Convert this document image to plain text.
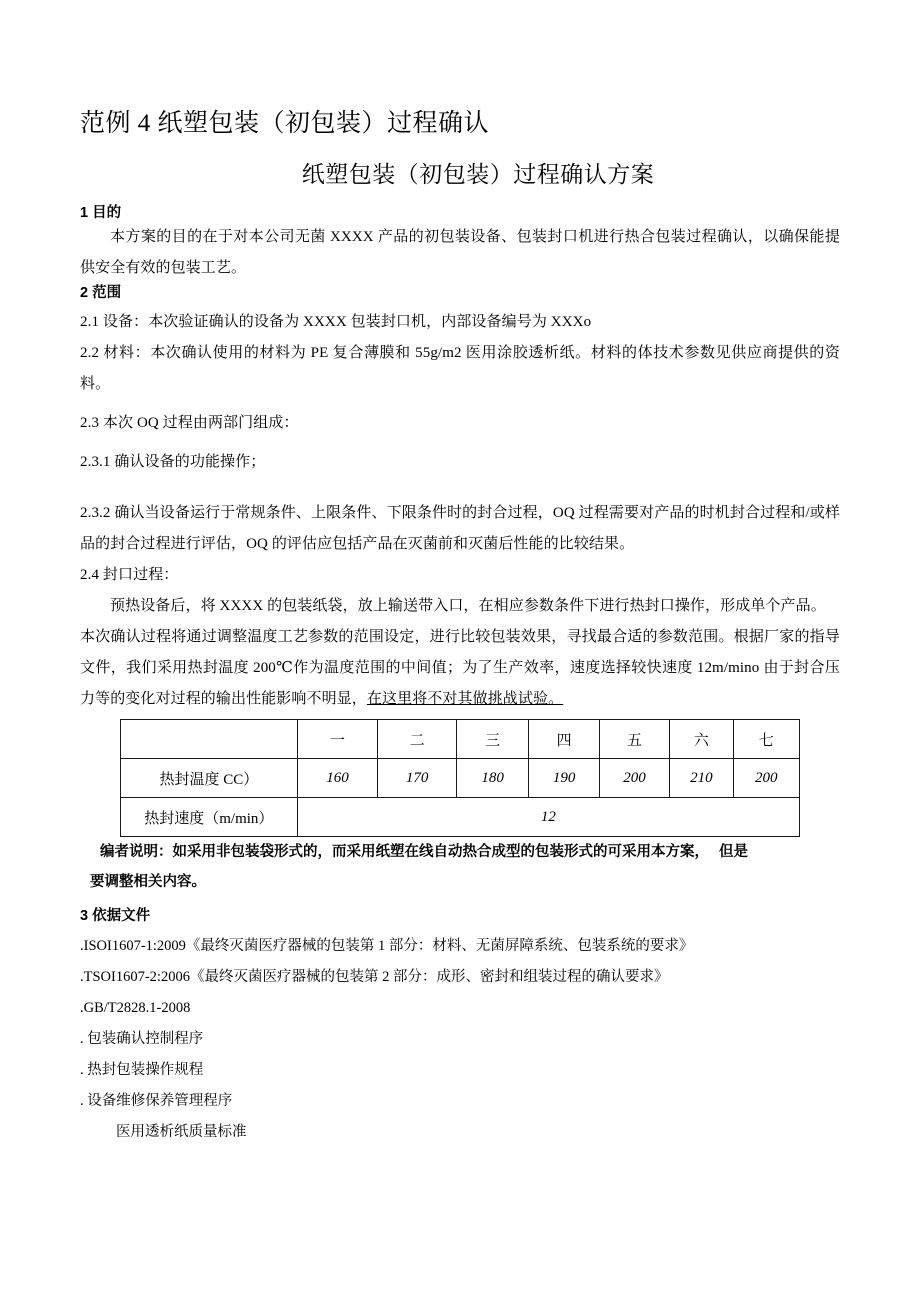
范例 4 纸塑包装（初包装）过程确认
纸塑包装（初包装）过程确认方案
1 目的

本方案的目的在于对本公司无菌 XXXX 产品的初包装设备、包装封口机进行热合包装过程确认，以确保能提供安全有效的包装工艺。

2 范围

2.1 设备：本次验证确认的设备为 XXXX 包装封口机，内部设备编号为 XXXo

2.2 材料：本次确认使用的材料为 PE 复合薄膜和 55g/m2 医用涂胶透析纸。材料的体技术参数见供应商提供的资料。

2.3 本次 OQ 过程由两部门组成：

2.3.1 确认设备的功能操作；

2.3.2 确认当设备运行于常规条件、上限条件、下限条件时的封合过程，OQ 过程需要对产品的时机封合过程和/或样品的封合过程进行评估，OQ 的评估应包括产品在灭菌前和灭菌后性能的比较结果。

2.4 封口过程：

预热设备后，将 XXXX 的包装纸袋，放上输送带入口，在相应参数条件下进行热封口操作，形成单个产品。

本次确认过程将通过调整温度工艺参数的范围设定，进行比较包装效果，寻找最合适的参数范围。根据厂家的指导文件，我们采用热封温度 200℃作为温度范围的中间值；为了生产效率，速度选择较快速度 12m/mino 由于封合压力等的变化对过程的输出性能影响不明显，在这里将不对其做挑战试验。

	一	二	三	四	五	六	七
热封温度 CC）	160	170	180	190	200	210	200
热封速度（m/min）	12						

编者说明：如采用非包装袋形式的，而采用纸塑在线自动热合成型的包装形式的可采用本方案， 但是

要调整相关内容。

3 依据文件

.ISOI1607-1:2009《最终灭菌医疗器械的包装第 1 部分：材料、无菌屏障系统、包装系统的要求》

.TSOI1607-2:2006《最终灭菌医疗器械的包装第 2 部分：成形、密封和组装过程的确认要求》

.GB/T2828.1-2008

. 包装确认控制程序

. 热封包装操作规程

. 设备维修保养管理程序

医用透析纸质量标准
